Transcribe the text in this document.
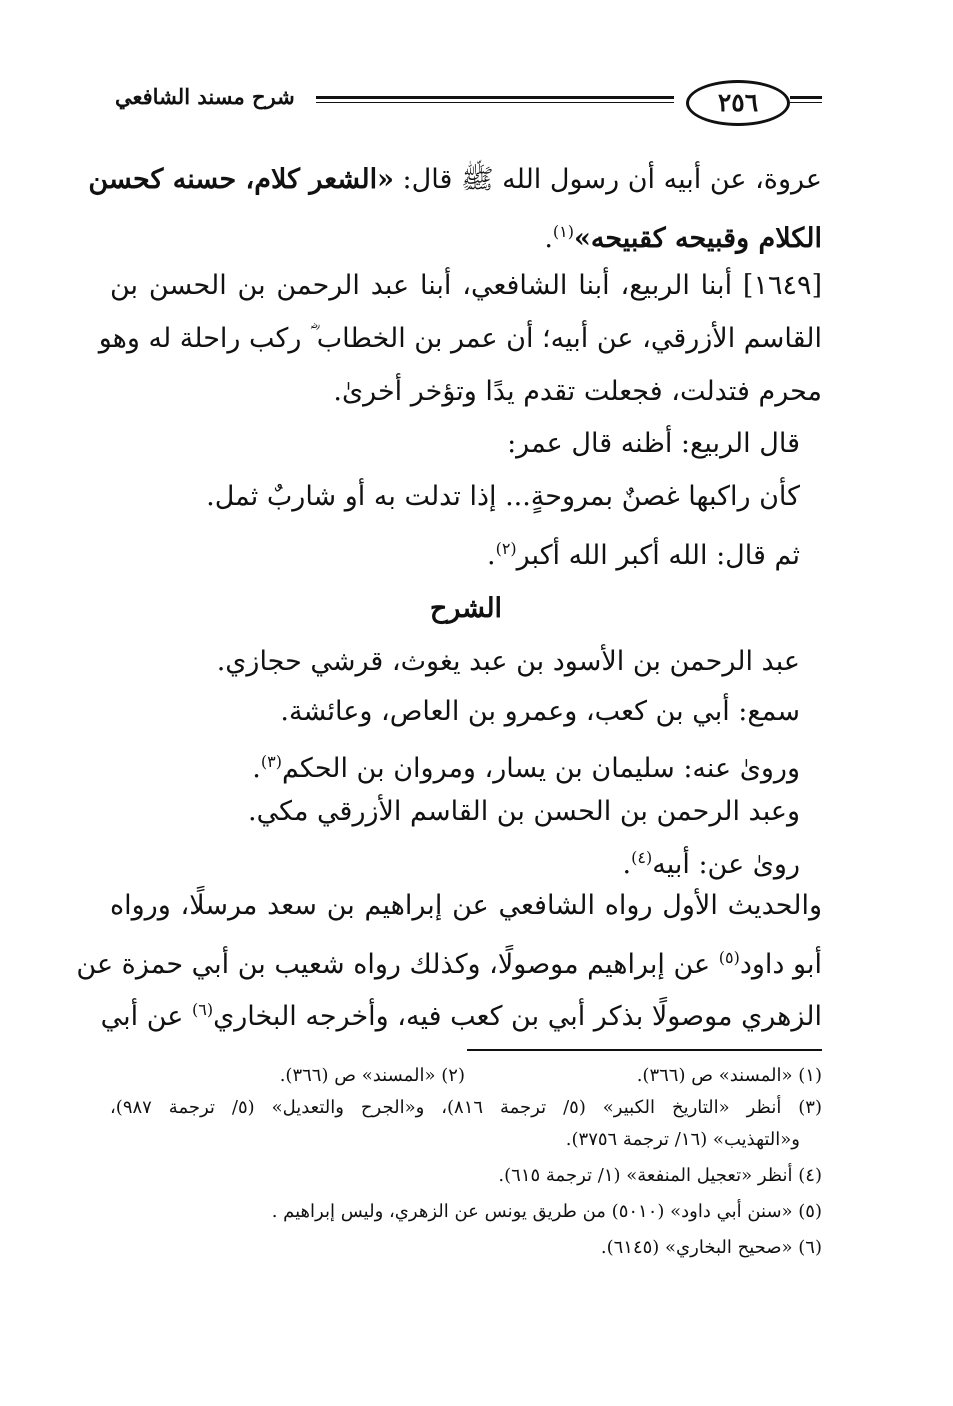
شرح مسند الشافعي	٢٥٦
عروة، عن أبيه أن رسول الله ﷺ قال: «الشعر كلام، حسنه كحسن
الكلام وقبيحه كقبيحه»$^{(١)}$.
[١٦٤٩] أبنا الربيع، أبنا الشافعي، أبنا عبد الرحمن بن الحسن بن
القاسم الأزرقي، عن أبيه؛ أن عمر بن الخطاب ؓ ركب راحلة له وهو
محرم فتدلت، فجعلت تقدم يدًا وتؤخر أخرىٰ.
قال الربيع: أظنه قال عمر:
كأن راكبها غصنٌ بمروحةٍ... إذا تدلت به أو شاربٌ ثمل.
ثم قال: الله أكبر الله أكبر$^{(٢)}$.
الشرح
عبد الرحمن بن الأسود بن عبد يغوث، قرشي حجازي.
سمع: أبي بن كعب، وعمرو بن العاص، وعائشة.
وروىٰ عنه: سليمان بن يسار، ومروان بن الحكم$^{(٣)}$.
وعبد الرحمن بن الحسن بن القاسم الأزرقي مكي.
روىٰ عن: أبيه$^{(٤)}$.
والحديث الأول رواه الشافعي عن إبراهيم بن سعد مرسلًا، ورواه
أبو داود$^{(٥)}$ عن إبراهيم موصولًا، وكذلك رواه شعيب بن أبي حمزة عن
الزهري موصولًا بذكر أبي بن كعب فيه، وأخرجه البخاري$^{(٦)}$ عن أبي
(١) «المسند» ص (٣٦٦).
(٢) «المسند» ص (٣٦٦).
(٣) أنظر «التاريخ الكبير» (٥/ ترجمة ٨١٦)، و«الجرح والتعديل» (٥/ ترجمة ٩٨٧)،
و«التهذيب» (١٦/ ترجمة ٣٧٥٦).
(٤) أنظر «تعجيل المنفعة» (١/ ترجمة ٦١٥).
(٥) «سنن أبي داود» (٥٠١٠) من طريق يونس عن الزهري، وليس إبراهيم .
(٦) «صحيح البخاري» (٦١٤٥).
